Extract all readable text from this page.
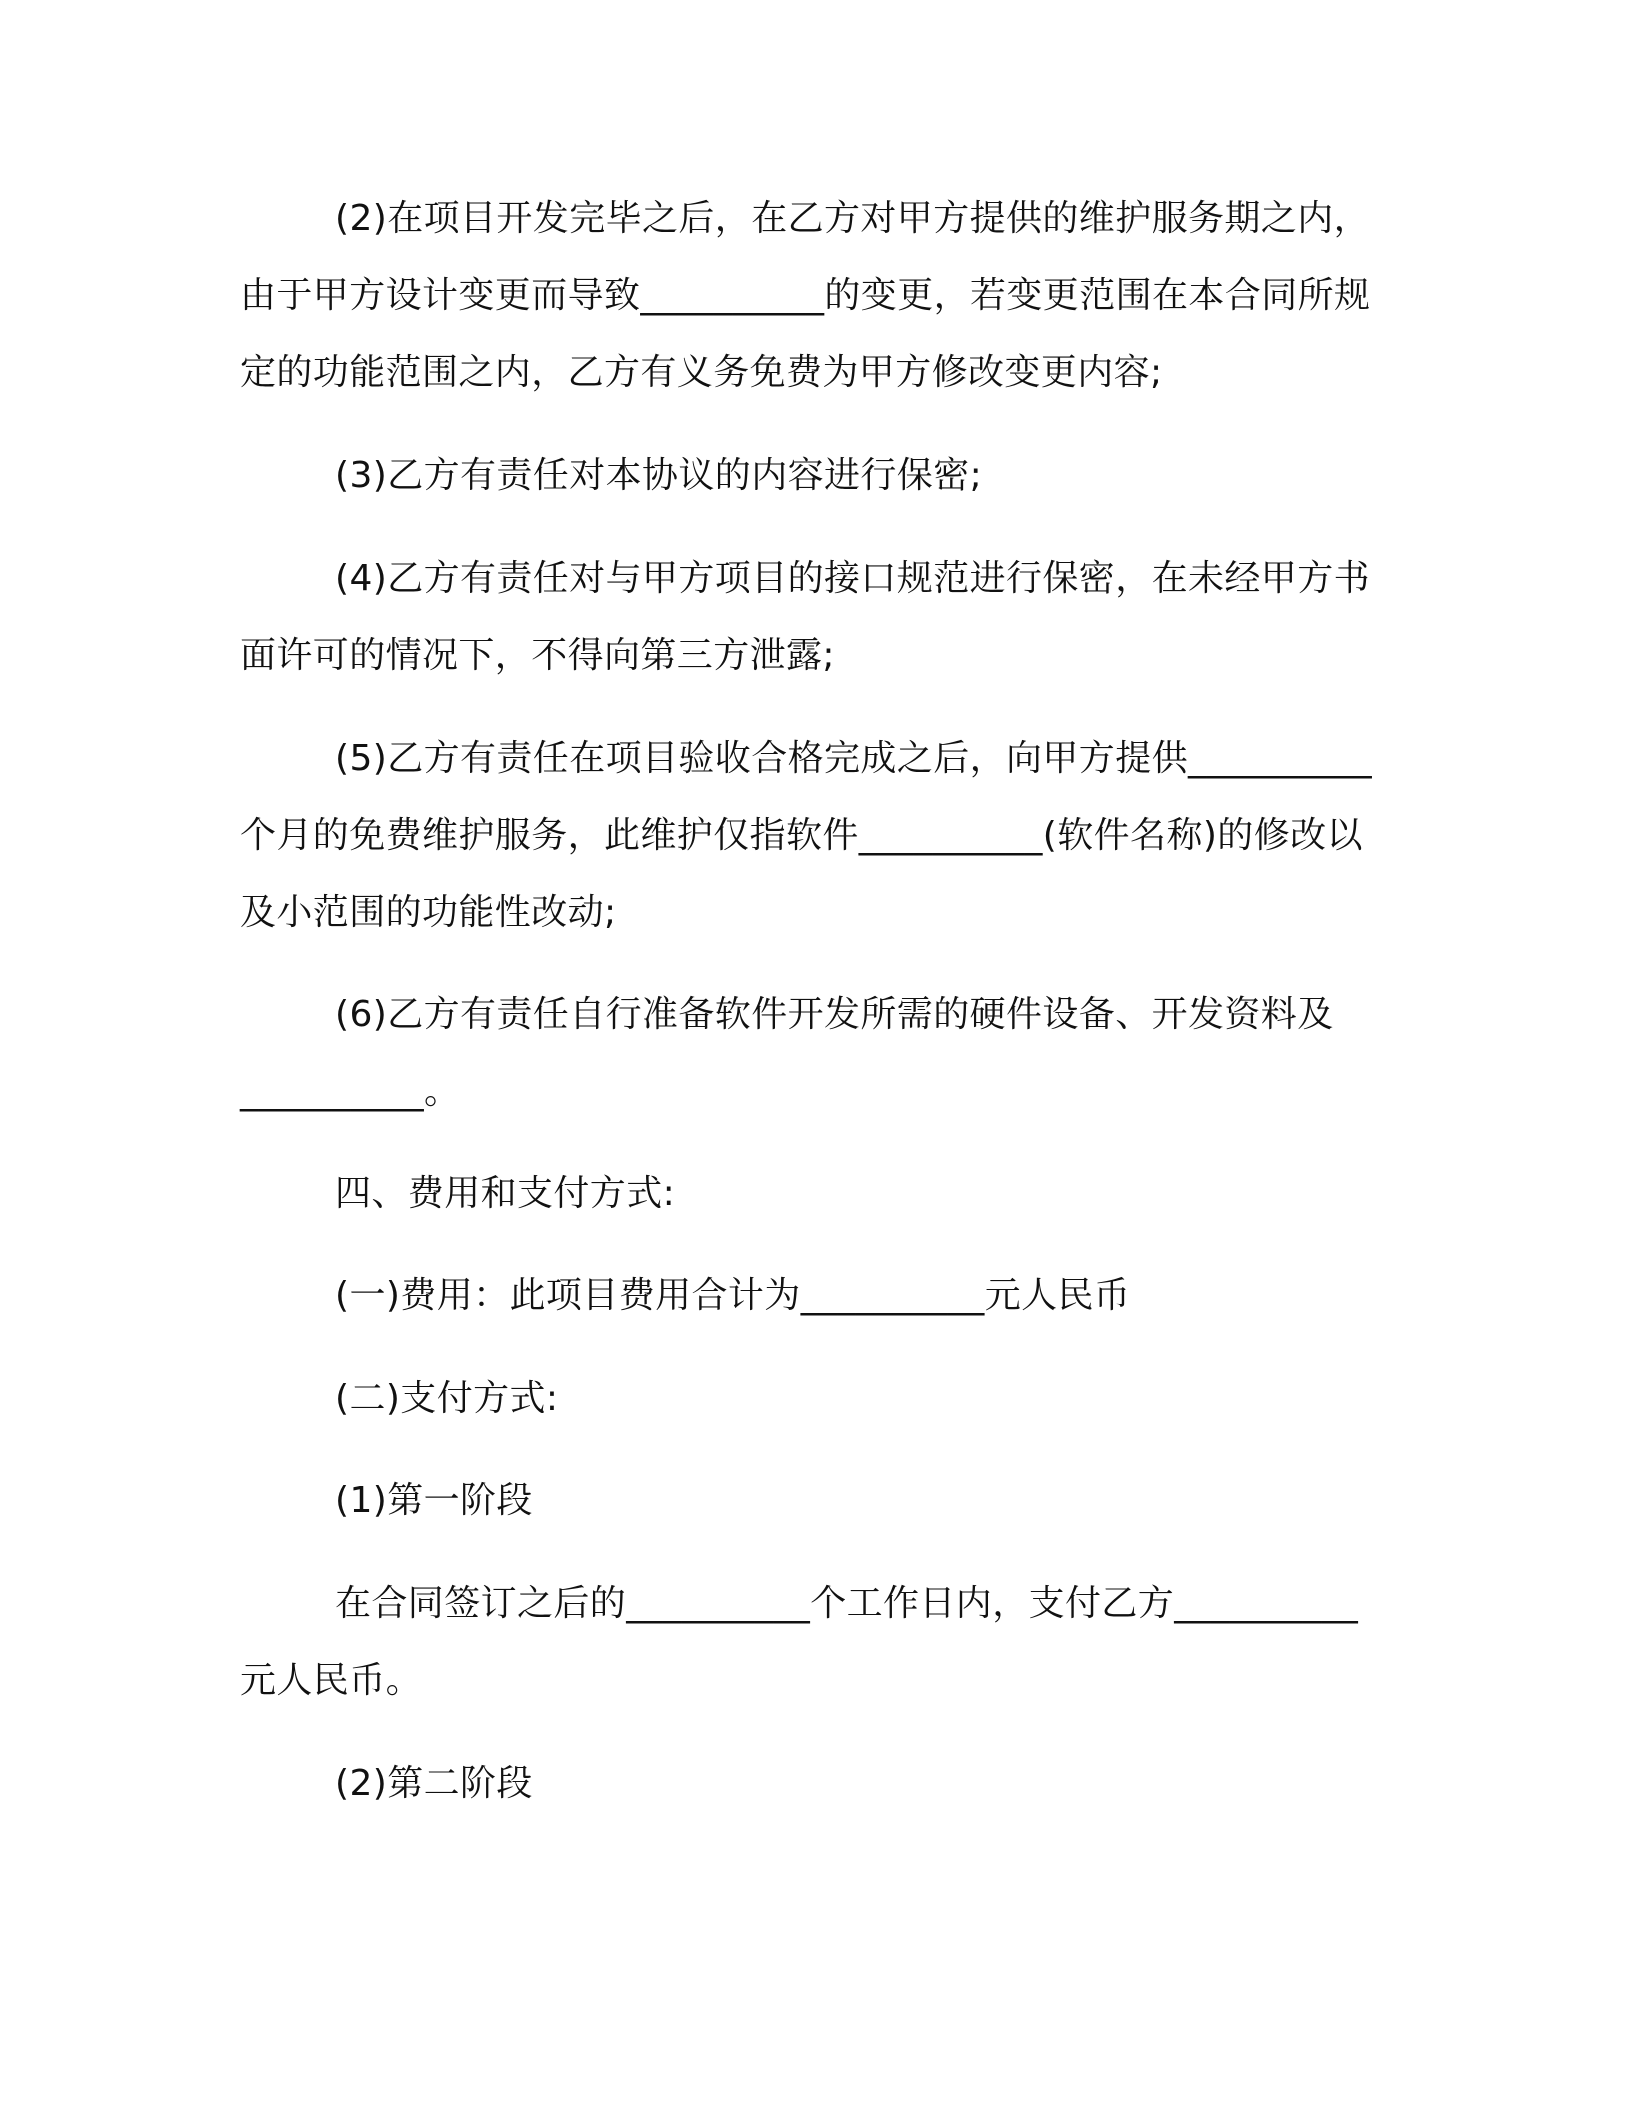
(2)在项目开发完毕之后，在乙方对甲方提供的维护服务期之内，由于甲方设计变更而导致__________的变更，若变更范围在本合同所规定的功能范围之内，乙方有义务免费为甲方修改变更内容;

(3)乙方有责任对本协议的内容进行保密;

(4)乙方有责任对与甲方项目的接口规范进行保密，在未经甲方书面许可的情况下，不得向第三方泄露;

(5)乙方有责任在项目验收合格完成之后，向甲方提供__________个月的免费维护服务，此维护仅指软件__________(软件名称)的修改以及小范围的功能性改动;

(6)乙方有责任自行准备软件开发所需的硬件设备、开发资料及__________。

四、费用和支付方式:

(一)费用：此项目费用合计为__________元人民币

(二)支付方式:

(1)第一阶段

在合同签订之后的__________个工作日内，支付乙方__________元人民币。

(2)第二阶段
